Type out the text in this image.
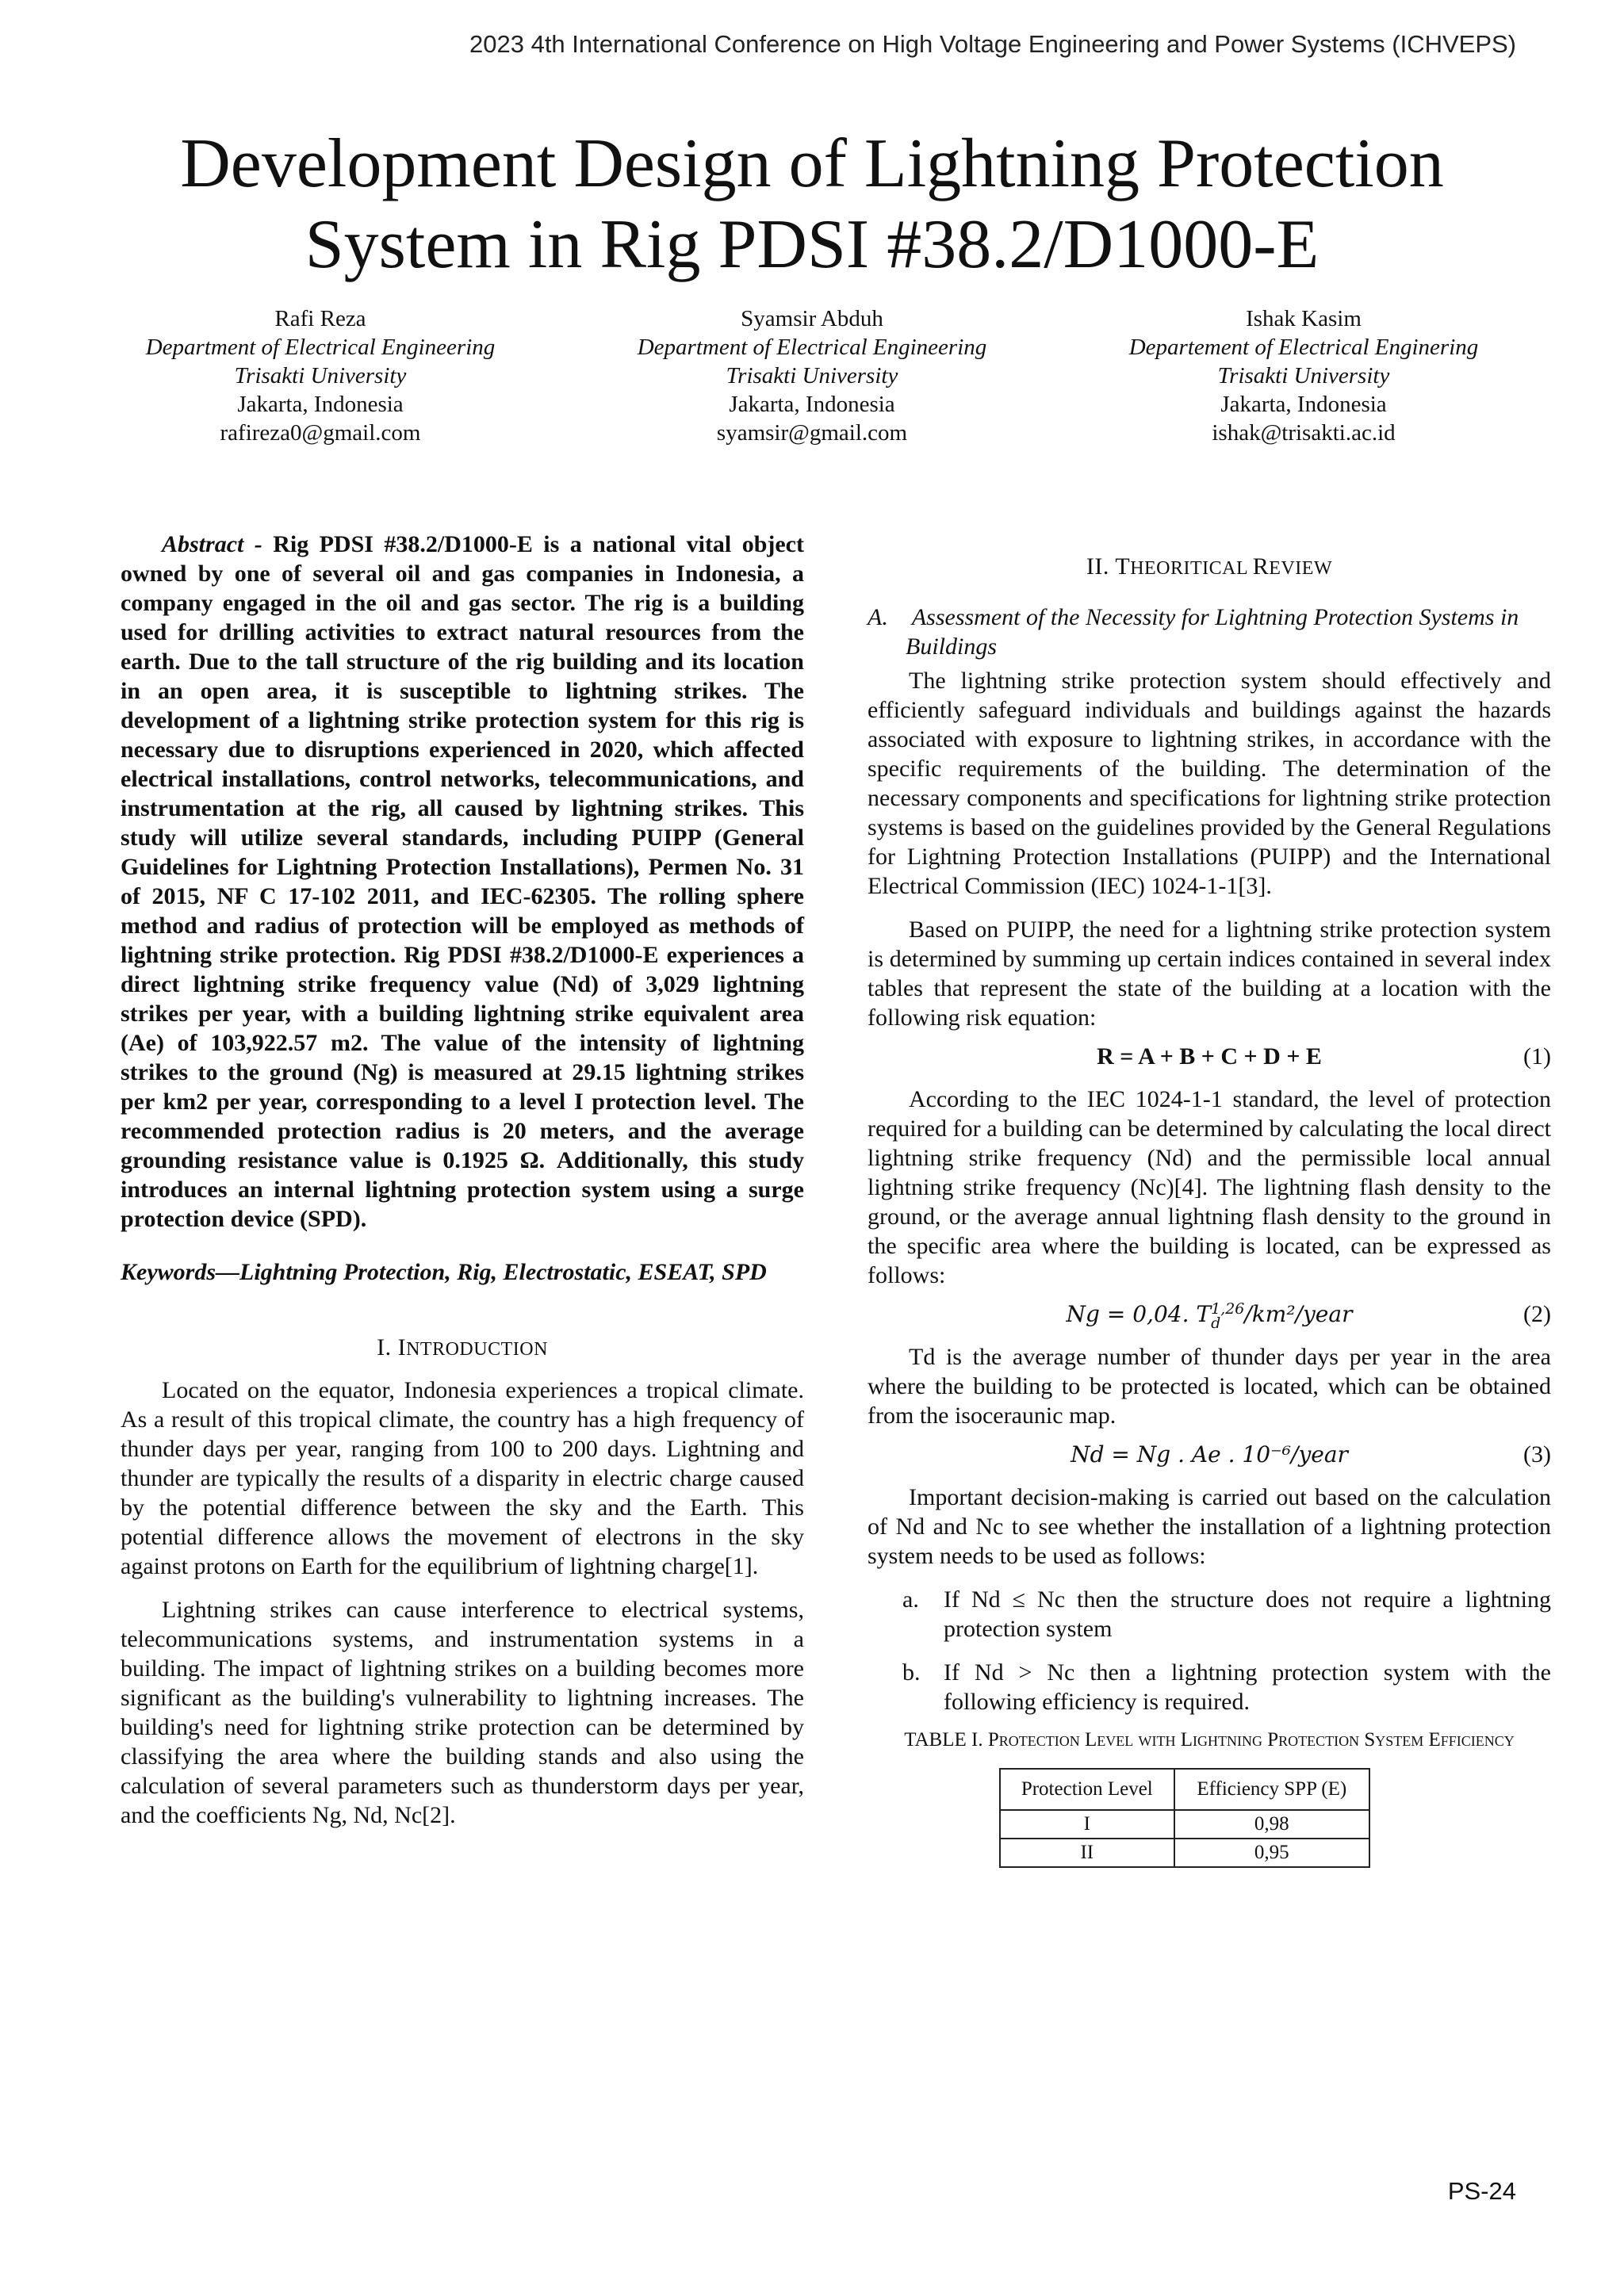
2023 4th International Conference on High Voltage Engineering and Power Systems (ICHVEPS)
Development Design of Lightning Protection
System in Rig PDSI #38.2/D1000-E
Rafi Reza
Department of Electrical Engineering
Trisakti University
Jakarta, Indonesia
rafireza0@gmail.com
Syamsir Abduh
Department of Electrical Engineering
Trisakti University
Jakarta, Indonesia
syamsir@gmail.com
Ishak Kasim
Departement of Electrical Enginering
Trisakti University
Jakarta, Indonesia
ishak@trisakti.ac.id

Abstract - Rig PDSI #38.2/D1000-E is a national vital object owned by one of several oil and gas companies in Indonesia, a company engaged in the oil and gas sector. The rig is a building used for drilling activities to extract natural resources from the earth. Due to the tall structure of the rig building and its location in an open area, it is susceptible to lightning strikes. The development of a lightning strike protection system for this rig is necessary due to disruptions experienced in 2020, which affected electrical installations, control networks, telecommunications, and instrumentation at the rig, all caused by lightning strikes. This study will utilize several standards, including PUIPP (General Guidelines for Lightning Protection Installations), Permen No. 31 of 2015, NF C 17-102 2011, and IEC-62305. The rolling sphere method and radius of protection will be employed as methods of lightning strike protection. Rig PDSI #38.2/D1000-E experiences a direct lightning strike frequency value (Nd) of 3,029 lightning strikes per year, with a building lightning strike equivalent area (Ae) of 103,922.57 m2. The value of the intensity of lightning strikes to the ground (Ng) is measured at 29.15 lightning strikes per km2 per year, corresponding to a level I protection level. The recommended protection radius is 20 meters, and the average grounding resistance value is 0.1925 Ω. Additionally, this study introduces an internal lightning protection system using a surge protection device (SPD).

Keywords—Lightning Protection, Rig, Electrostatic, ESEAT, SPD

I. INTRODUCTION

Located on the equator, Indonesia experiences a tropical climate. As a result of this tropical climate, the country has a high frequency of thunder days per year, ranging from 100 to 200 days. Lightning and thunder are typically the results of a disparity in electric charge caused by the potential difference between the sky and the Earth. This potential difference allows the movement of electrons in the sky against protons on Earth for the equilibrium of lightning charge[1].

Lightning strikes can cause interference to electrical systems, telecommunications systems, and instrumentation systems in a building. The impact of lightning strikes on a building becomes more significant as the building's vulnerability to lightning increases. The building's need for lightning strike protection can be determined by classifying the area where the building stands and also using the calculation of several parameters such as thunderstorm days per year, and the coefficients Ng, Nd, Nc[2].

II. THEORITICAL REVIEW

A. Assessment of the Necessity for Lightning Protection Systems in Buildings

The lightning strike protection system should effectively and efficiently safeguard individuals and buildings against the hazards associated with exposure to lightning strikes, in accordance with the specific requirements of the building. The determination of the necessary components and specifications for lightning strike protection systems is based on the guidelines provided by the General Regulations for Lightning Protection Installations (PUIPP) and the International Electrical Commission (IEC) 1024-1-1[3].

Based on PUIPP, the need for a lightning strike protection system is determined by summing up certain indices contained in several index tables that represent the state of the building at a location with the following risk equation:

R = A + B + C + D + E	(1)

According to the IEC 1024-1-1 standard, the level of protection required for a building can be determined by calculating the local direct lightning strike frequency (Nd) and the permissible local annual lightning strike frequency (Nc)[4]. The lightning flash density to the ground, or the average annual lightning flash density to the ground in the specific area where the building is located, can be expressed as follows:

Ng = 0,04. T1,26
d /km²/year	(2)

Td is the average number of thunder days per year in the area where the building to be protected is located, which can be obtained from the isoceraunic map.

Nd = Ng . Ae . 10⁻⁶/year	(3)

Important decision-making is carried out based on the calculation of Nd and Nc to see whether the installation of a lightning protection system needs to be used as follows:

a. If Nd ≤ Nc then the structure does not require a lightning protection system
b. If Nd > Nc then a lightning protection system with the following efficiency is required.

TABLE I. Protection Level with Lightning Protection System Efficiency

Protection Level	Efficiency SPP (E)
I	0,98
II	0,95
PS-24
